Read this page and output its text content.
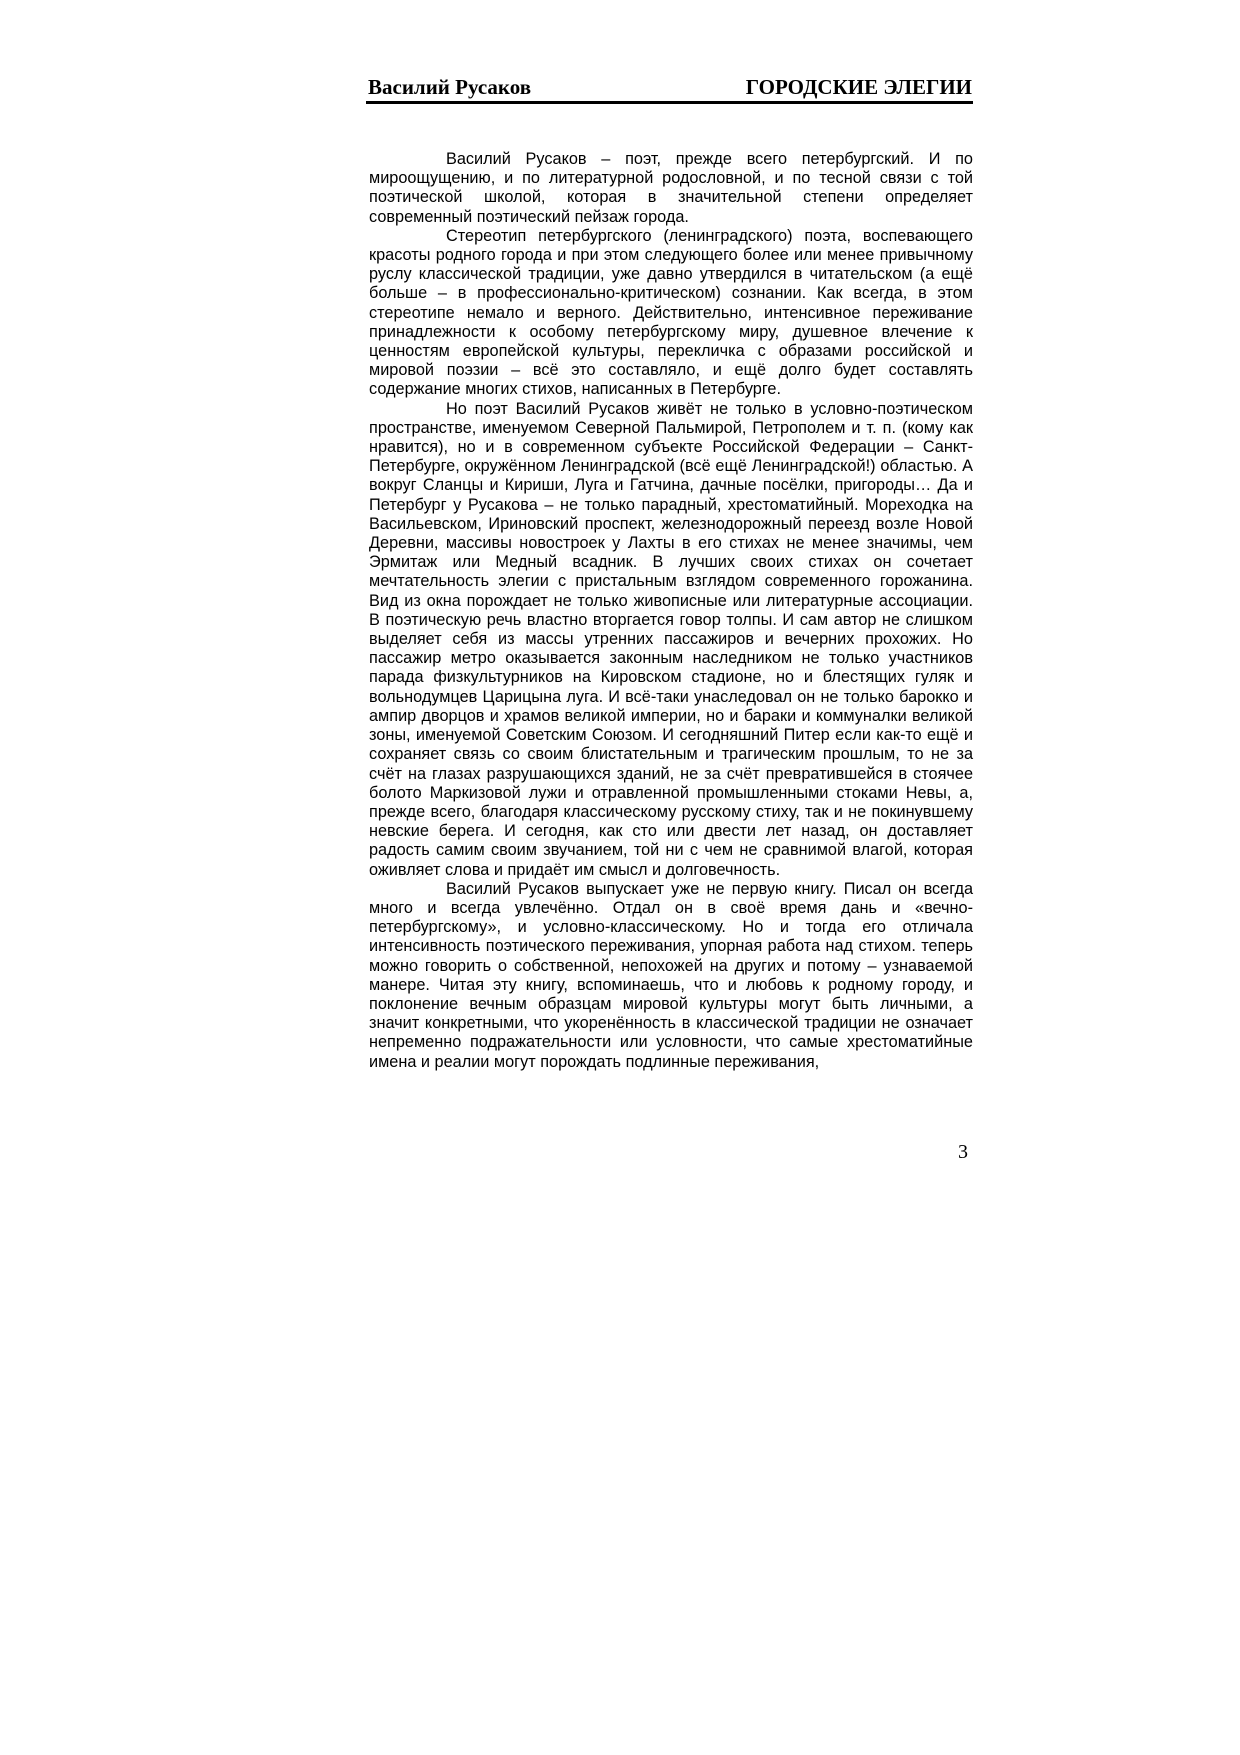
Василий Русаков	ГОРОДСКИЕ ЭЛЕГИИ

Василий Русаков – поэт, прежде всего петербургский. И по мироощущению, и по литературной родословной, и по тесной связи с той поэтической школой, которая в значительной степени определяет современный поэтический пейзаж города.

Стереотип петербургского (ленинградского) поэта, воспевающего красоты родного города и при этом следующего более или менее привычному руслу классической традиции, уже давно утвердился в читательском (а ещё больше – в профессионально-критическом) сознании. Как всегда, в этом стереотипе немало и верного. Действительно, интенсивное переживание принадлежности к особому петербургскому миру, душевное влечение к ценностям европейской культуры, перекличка с образами российской и мировой поэзии – всё это составляло, и ещё долго будет составлять содержание многих стихов, написанных в Петербурге.

Но поэт Василий Русаков живёт не только в условно-поэтическом пространстве, именуемом Северной Пальмирой, Петрополем и т. п. (кому как нравится), но и в современном субъекте Российской Федерации – Санкт-Петербурге, окружённом Ленинградской (всё ещё Ленинградской!) областью. А вокруг Сланцы и Кириши, Луга и Гатчина, дачные посёлки, пригороды… Да и Петербург у Русакова – не только парадный, хрестоматийный. Мореходка на Васильевском, Ириновский проспект, железнодорожный переезд возле Новой Деревни, массивы новостроек у Лахты в его стихах не менее значимы, чем Эрмитаж или Медный всадник. В лучших своих стихах он сочетает мечтательность элегии с пристальным взглядом современного горожанина. Вид из окна порождает не только живописные или литературные ассоциации. В поэтическую речь властно вторгается говор толпы. И сам автор не слишком выделяет себя из массы утренних пассажиров и вечерних прохожих. Но пассажир метро оказывается законным наследником не только участников парада физкультурников на Кировском стадионе, но и блестящих гуляк и вольнодумцев Царицына луга. И всё-таки унаследовал он не только барокко и ампир дворцов и храмов великой империи, но и бараки и коммуналки великой зоны, именуемой Советским Союзом. И сегодняшний Питер если как-то ещё и сохраняет связь со своим блистательным и трагическим прошлым, то не за счёт на глазах разрушающихся зданий, не за счёт превратившейся в стоячее болото Маркизовой лужи и отравленной промышленными стоками Невы, а, прежде всего, благодаря классическому русскому стиху, так и не покинувшему невские берега. И сегодня, как сто или двести лет назад, он доставляет радость самим своим звучанием, той ни с чем не сравнимой влагой, которая оживляет слова и придаёт им смысл и долговечность.

Василий Русаков выпускает уже не первую книгу. Писал он всегда много и всегда увлечённо. Отдал он в своё время дань и «вечно-петербургскому», и условно-классическому. Но и тогда его отличала интенсивность поэтического переживания, упорная работа над стихом. теперь можно говорить о собственной, непохожей на других и потому – узнаваемой манере. Читая эту книгу, вспоминаешь, что и любовь к родному городу, и поклонение вечным образцам мировой культуры могут быть личными, а значит конкретными, что укоренённость в классической традиции не означает непременно подражательности или условности, что самые хрестоматийные имена и реалии могут порождать подлинные переживания,

3
